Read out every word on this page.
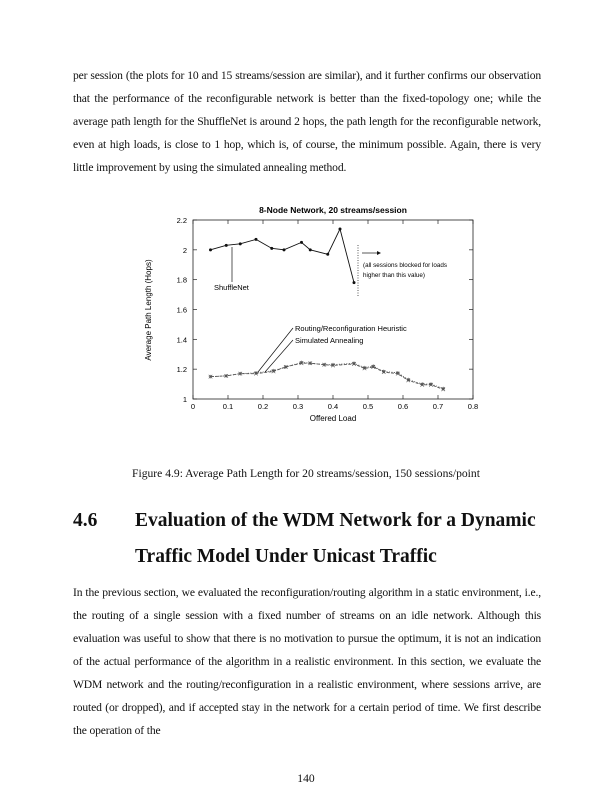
per session (the plots for 10 and 15 streams/session are similar), and it further confirms our observation that the performance of the reconfigurable network is better than the fixed-topology one; while the average path length for the ShuffleNet is around 2 hops, the path length for the reconfigurable network, even at high loads, is close to 1 hop, which is, of course, the minimum possible. Again, there is very little improvement by using the simulated annealing method.

8-Node Network, 20 streams/session
Average Path Length (Hops)
Offered Load
0	0.1	0.2	0.3	0.4	0.5	0.6	0.7	0.8
1
1.2
1.4
1.6
1.8
2
2.2
ShuffleNet
Routing/Reconfiguration Heuristic
Simulated Annealing
(all sessions blocked for loads
higher than this value)
Figure 4.9: Average Path Length for 20 streams/session, 150 sessions/point
4.6 Evaluation of the WDM Network for a Dynamic
Traffic Model Under Unicast Traffic

In the previous section, we evaluated the reconfiguration/routing algorithm in a static environment, i.e., the routing of a single session with a fixed number of streams on an idle network. Although this evaluation was useful to show that there is no motivation to pursue the optimum, it is not an indication of the actual performance of the algorithm in a realistic environment. In this section, we evaluate the WDM network and the routing/reconfiguration in a realistic environment, where sessions arrive, are routed (or dropped), and if accepted stay in the network for a certain period of time. We first describe the operation of the

140
